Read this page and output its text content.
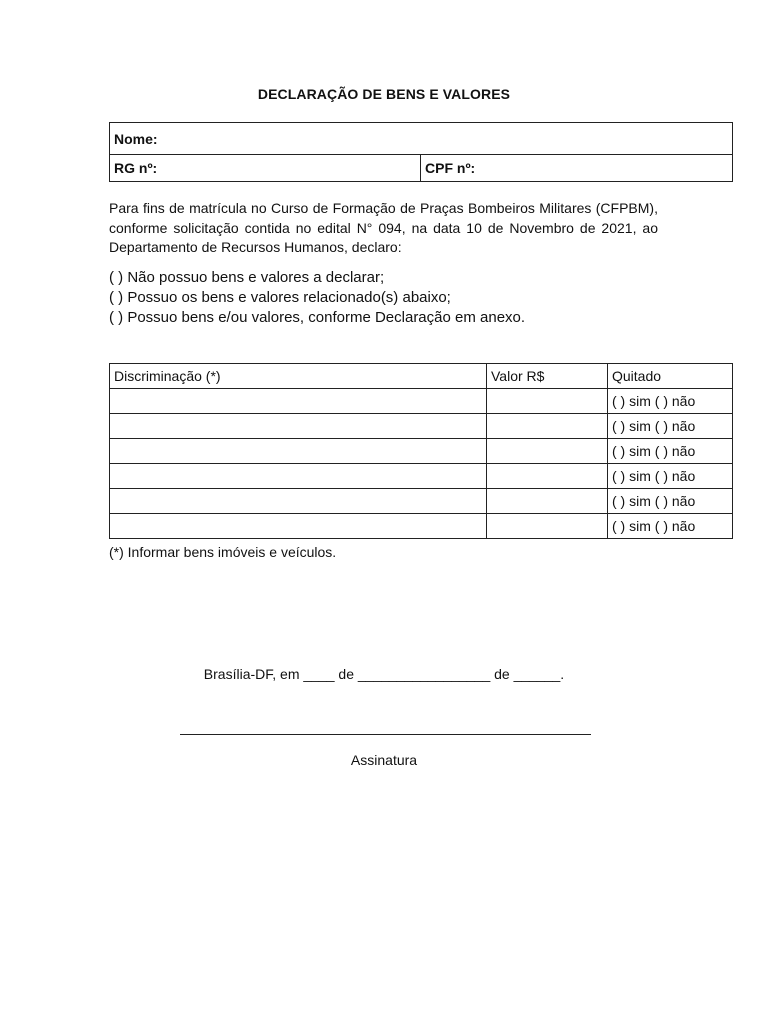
DECLARAÇÃO DE BENS E VALORES
Nome:
RG nº:	CPF nº:
Para fins de matrícula no Curso de Formação de Praças Bombeiros Militares (CFPBM), conforme solicitação contida no edital N° 094, na data 10 de Novembro de 2021, ao Departamento de Recursos Humanos, declaro:
( ) Não possuo bens e valores a declarar;
( ) Possuo os bens e valores relacionado(s) abaixo;
( ) Possuo bens e/ou valores, conforme Declaração em anexo.
Discriminação (*)	Valor R$	Quitado
		( ) sim ( ) não
		( ) sim ( ) não
		( ) sim ( ) não
		( ) sim ( ) não
		( ) sim ( ) não
		( ) sim ( ) não
(*) Informar bens imóveis e veículos.
Brasília-DF, em ____ de _________________ de ______.
Assinatura
